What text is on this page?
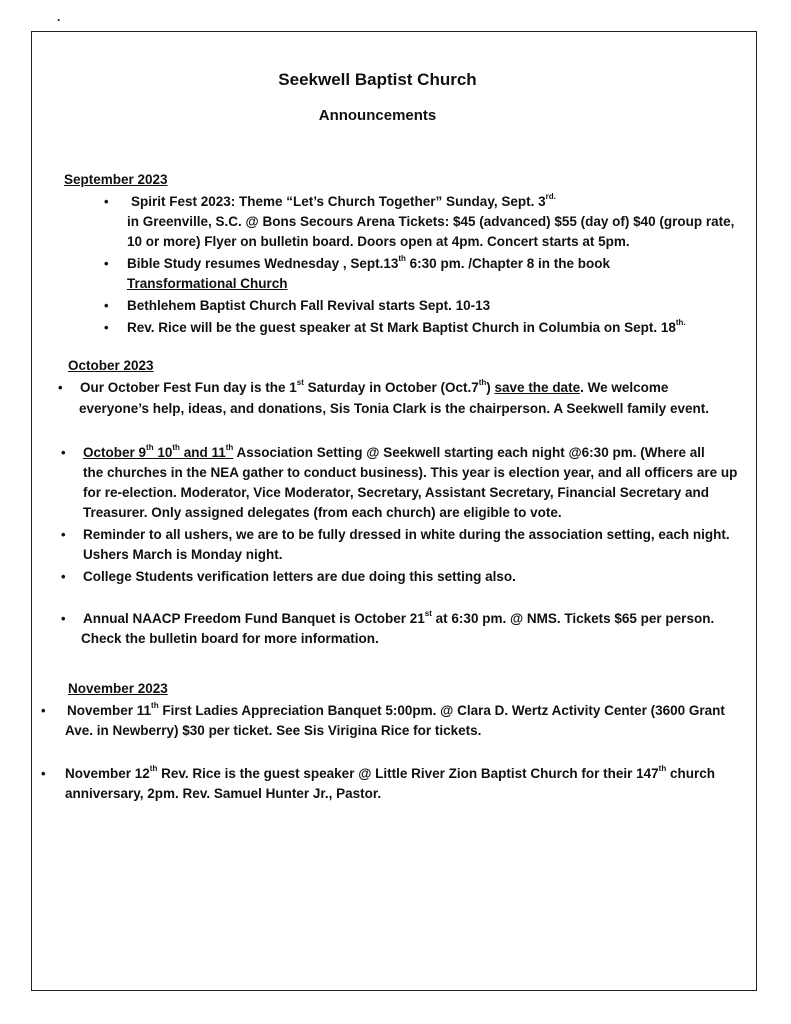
.
Seekwell Baptist Church
Announcements
September 2023
• Spirit Fest 2023: Theme “Let’s Church Together” Sunday, Sept. $3^{rd.}$
in Greenville, S.C. @ Bons Secours Arena Tickets: $45 (advanced) $55 (day of) $40 (group rate,
10 or more) Flyer on bulletin board. Doors open at 4pm. Concert starts at 5pm.
• Bible Study resumes Wednesday , Sept.13th 6:30 pm. /Chapter 8 in the book
Transformational Church
• Bethlehem Baptist Church Fall Revival starts Sept. 10-13
• Rev. Rice will be the guest speaker at St Mark Baptist Church in Columbia on Sept. $18^{th.}$
October 2023
• Our October Fest Fun day is the 1st Saturday in October (Oct.7th) save the date. We welcome
everyone’s help, ideas, and donations, Sis Tonia Clark is the chairperson. A Seekwell family event.
• October 9th 10th and 11th Association Setting @ Seekwell starting each night @6:30 pm. (Where all
the churches in the NEA gather to conduct business). This year is election year, and all officers are up
for re-election. Moderator, Vice Moderator, Secretary, Assistant Secretary, Financial Secretary and
Treasurer. Only assigned delegates (from each church) are eligible to vote.
• Reminder to all ushers, we are to be fully dressed in white during the association setting, each night.
Ushers March is Monday night.
• College Students verification letters are due doing this setting also.
• Annual NAACP Freedom Fund Banquet is October 21st at 6:30 pm. @ NMS. Tickets $65 per person.
Check the bulletin board for more information.
November 2023
• November 11th First Ladies Appreciation Banquet 5:00pm. @ Clara D. Wertz Activity Center (3600 Grant
Ave. in Newberry) $30 per ticket. See Sis Virigina Rice for tickets.
• November 12th Rev. Rice is the guest speaker @ Little River Zion Baptist Church for their 147th church
anniversary, 2pm. Rev. Samuel Hunter Jr., Pastor.
